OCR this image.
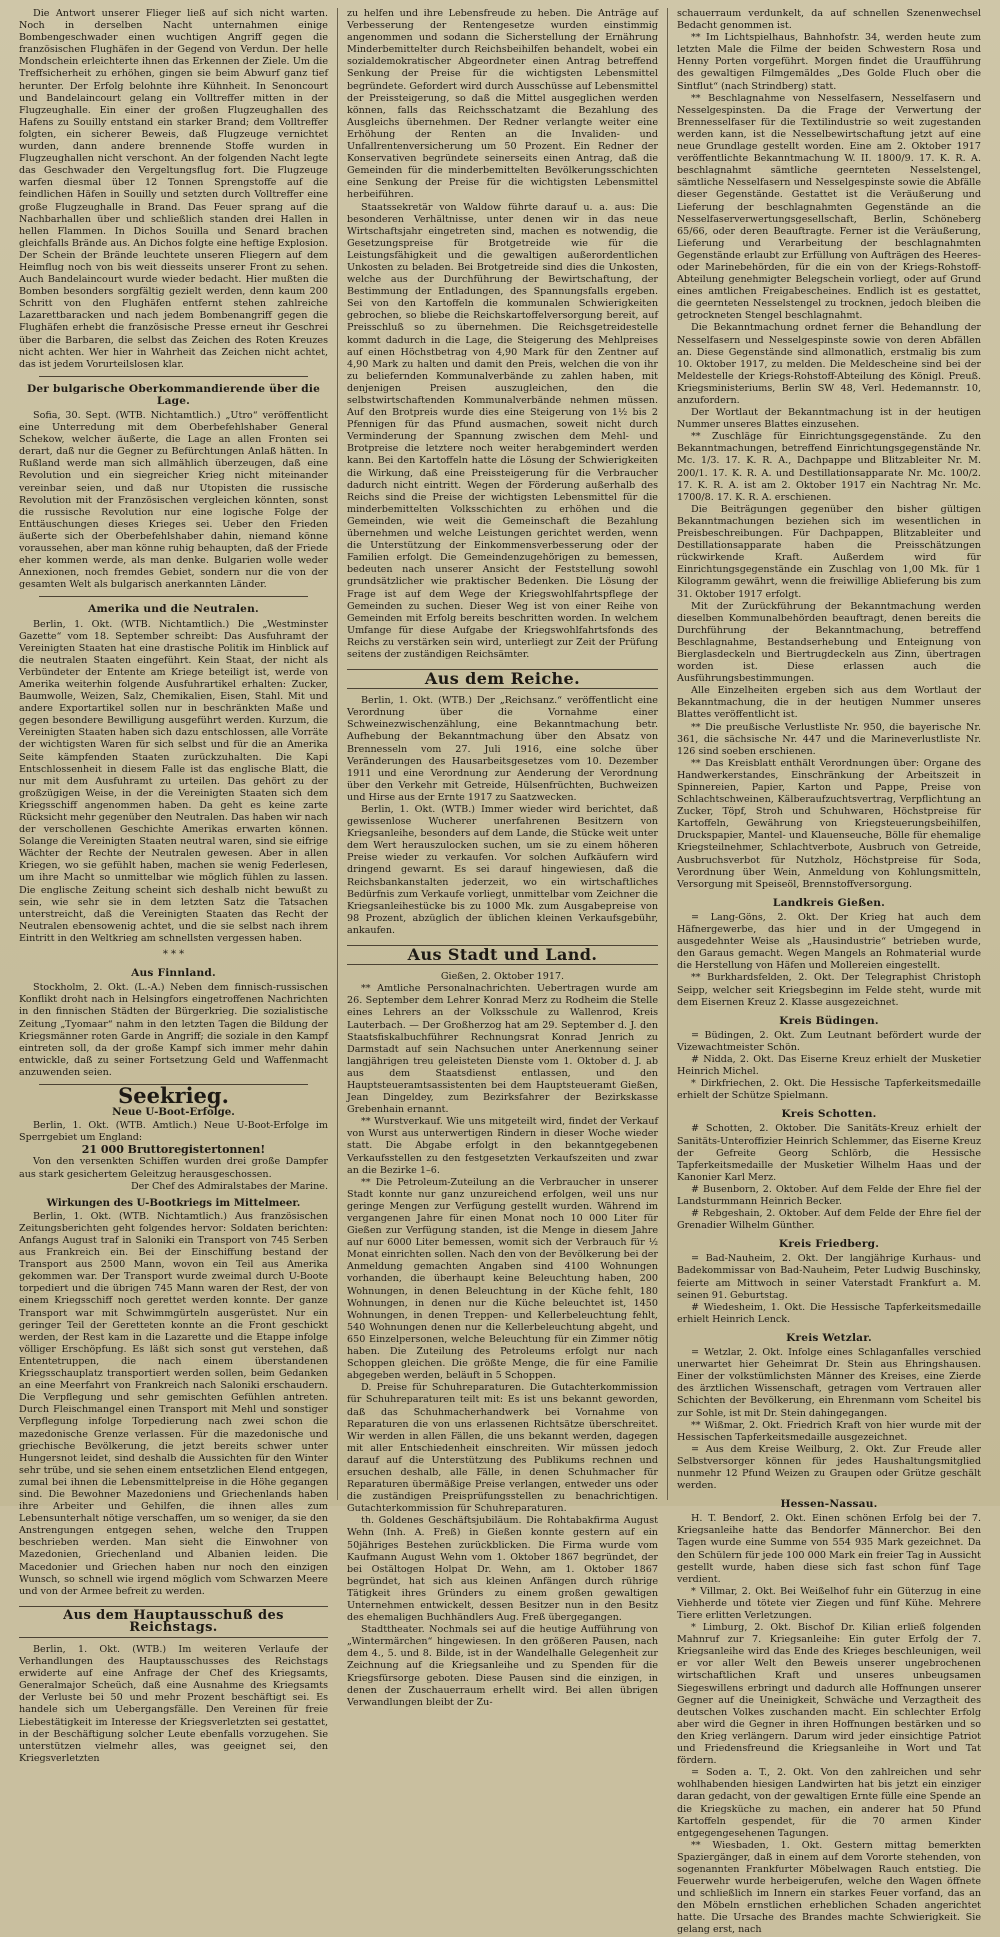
Die Antwort unserer Flieger ließ auf sich nicht warten. Noch in derselben Nacht unternahmen einige Bombengeschwader einen wuchtigen Angriff gegen die französischen Flughäfen in der Gegend von Verdun. Der helle Mondschein erleichterte ihnen das Erkennen der Ziele. Um die Treffsicherheit zu erhöhen, gingen sie beim Abwurf ganz tief herunter. Der Erfolg belohnte ihre Kühnheit. In Senoncourt und Bandelaincourt gelang ein Volltreffer mitten in der Flugzeughalle. Ein einer der großen Flugzeughallen des Hafens zu Souilly entstand ein starker Brand; dem Volltreffer folgten, ein sicherer Beweis, daß Flugzeuge vernichtet wurden, dann andere brennende Stoffe wurden in Flugzeughallen nicht verschont. An der folgenden Nacht legte das Geschwader den Vergeltungsflug fort. Die Flugzeuge warfen diesmal über 12 Tonnen Sprengstoffe auf die feindlichen Häfen in Souilly und setzten durch Volltreffer eine große Flugzeughalle in Brand. Das Feuer sprang auf die Nachbarhallen über und schließlich standen drei Hallen in hellen Flammen. In Dichos Souilla und Senard brachen gleichfalls Brände aus. An Dichos folgte eine heftige Explosion. Der Schein der Brände leuchtete unseren Fliegern auf dem Heimflug noch von bis weit diesseits unserer Front zu sehen. Auch Bandelaincourt wurde wieder bedacht. Hier mußten die Bomben besonders sorgfältig gezielt werden, denn kaum 200 Schritt von den Flughäfen entfernt stehen zahlreiche Lazarettbaracken und nach jedem Bombenangriff gegen die Flughäfen erhebt die französische Presse erneut ihr Geschrei über die Barbaren, die selbst das Zeichen des Roten Kreuzes nicht achten. Wer hier in Wahrheit das Zeichen nicht achtet, das ist jedem Vorurteilslosen klar.

Der bulgarische Oberkommandierende über die Lage.

Sofia, 30. Sept. (WTB. Nichtamtlich.) „Utro“ veröffentlicht eine Unterredung mit dem Oberbefehlshaber General Schekow, welcher äußerte, die Lage an allen Fronten sei derart, daß nur die Gegner zu Befürchtungen Anlaß hätten. In Rußland werde man sich allmählich überzeugen, daß eine Revolution und ein siegreicher Krieg nicht miteinander vereinbar seien, und daß nur Utopisten die russische Revolution mit der Französischen vergleichen könnten, sonst die russische Revolution nur eine logische Folge der Enttäuschungen dieses Krieges sei. Ueber den Frieden äußerte sich der Oberbefehlshaber dahin, niemand könne voraussehen, aber man könne ruhig behaupten, daß der Friede eher kommen werde, als man denke. Bulgarien wolle weder Annexionen, noch fremdes Gebiet, sondern nur die von der gesamten Welt als bulgarisch anerkannten Länder.

Amerika und die Neutralen.

Berlin, 1. Okt. (WTB. Nichtamtlich.) Die „Westminster Gazette“ vom 18. September schreibt: Das Ausfuhramt der Vereinigten Staaten hat eine drastische Politik im Hinblick auf die neutralen Staaten eingeführt. Kein Staat, der nicht als Verbündeter der Entente am Kriege beteiligt ist, werde von Amerika weiterhin folgende Ausfuhrartikel erhalten: Zucker, Baumwolle, Weizen, Salz, Chemikalien, Eisen, Stahl. Mit und andere Exportartikel sollen nur in beschränkten Maße und gegen besondere Bewilligung ausgeführt werden. Kurzum, die Vereinigten Staaten haben sich dazu entschlossen, alle Vorräte der wichtigsten Waren für sich selbst und für die an Amerika Seite kämpfenden Staaten zurückzuhalten. Die Kapi Entschlossenheit in diesem Falle ist das englische Blatt, die nur mit dem Ausfuhramt zu urteilen. Das gehört zu der großzügigen Weise, in der die Vereinigten Staaten sich dem Kriegsschiff angenommen haben. Da geht es keine zarte Rücksicht mehr gegenüber den Neutralen. Das haben wir nach der verschollenen Geschichte Amerikas erwarten können. Solange die Vereinigten Staaten neutral waren, sind sie eifrige Wächter der Rechte der Neutralen gewesen. Aber in allen Kriegen, wo sie gefühlt haben, machen sie wenig Federlesen, um ihre Macht so unmittelbar wie möglich fühlen zu lassen. Die englische Zeitung scheint sich deshalb nicht bewußt zu sein, wie sehr sie in dem letzten Satz die Tatsachen unterstreicht, daß die Vereinigten Staaten das Recht der Neutralen ebensowenig achtet, und die sie selbst nach ihrem Eintritt in den Weltkrieg am schnellsten vergessen haben.

* * *
Aus Finnland.

Stockholm, 2. Okt. (L.-A.) Neben dem finnisch-russischen Konflikt droht nach in Helsingfors eingetroffenen Nachrichten in den finnischen Städten der Bürgerkrieg. Die sozialistische Zeitung „Tyomaar“ nahm in den letzten Tagen die Bildung der Kriegsmänner roten Garde in Angriff; die soziale in den Kampf eintreten soll, da der große Kampf sich immer mehr dahin entwickle, daß zu seiner Fortsetzung Geld und Waffenmacht anzuwenden seien.

Seekrieg.
Neue U-Boot-Erfolge.

Berlin, 1. Okt. (WTB. Amtlich.) Neue U-Boot-Erfolge im Sperrgebiet um England:

21 000 Bruttoregistertonnen!

Von den versenkten Schiffen wurden drei große Dampfer aus stark gesichertem Geleitzug herausgeschossen.

Der Chef des Admiralstabes der Marine.

Wirkungen des U-Bootkriegs im Mittelmeer.

Berlin, 1. Okt. (WTB. Nichtamtlich.) Aus französischen Zeitungsberichten geht folgendes hervor: Soldaten berichten: Anfangs August traf in Saloniki ein Transport von 745 Serben aus Frankreich ein. Bei der Einschiffung bestand der Transport aus 2500 Mann, wovon ein Teil aus Amerika gekommen war. Der Transport wurde zweimal durch U-Boote torpediert und die übrigen 745 Mann waren der Rest, der von einem Kriegsschiff noch gerettet werden konnte. Der ganze Transport war mit Schwimmgürteln ausgerüstet. Nur ein geringer Teil der Geretteten konnte an die Front geschickt werden, der Rest kam in die Lazarette und die Etappe infolge völliger Erschöpfung. Es läßt sich sonst gut verstehen, daß Ententetruppen, die nach einem überstandenen Kriegsschauplatz transportiert werden sollen, beim Gedanken an eine Meerfahrt von Frankreich nach Saloniki erschaudern. Die Verpflegung und sehr gemischten Gefühlen antreten. Durch Fleischmangel einen Transport mit Mehl und sonstiger Verpflegung infolge Torpedierung nach zwei schon die mazedonische Grenze verlassen. Für die mazedonische und griechische Bevölkerung, die jetzt bereits schwer unter Hungersnot leidet, sind deshalb die Aussichten für den Winter sehr trübe, und sie sehen einem entsetzlichen Elend entgegen, zumal bei ihnen die Lebensmittelpreise in die Höhe gegangen sind. Die Bewohner Mazedoniens und Griechenlands haben ihre Arbeiter und Gehilfen, die ihnen alles zum Lebensunterhalt nötige verschaffen, um so weniger, da sie den Anstrengungen entgegen sehen, welche den Truppen beschrieben werden. Man sieht die Einwohner von Mazedonien, Griechenland und Albanien leiden. Die Macedonier und Griechen haben nur noch den einzigen Wunsch, so schnell wie irgend möglich vom Schwarzen Meere und von der Armee befreit zu werden.

Aus dem Hauptausschuß des Reichstags.

Berlin, 1. Okt. (WTB.) Im weiteren Verlaufe der Verhandlungen des Hauptausschusses des Reichstags erwiderte auf eine Anfrage der Chef des Kriegsamts, Generalmajor Scheüch, daß eine Ausnahme des Kriegsamts der Verluste bei 50 und mehr Prozent beschäftigt sei. Es handele sich um Uebergangsfälle. Den Vereinen für freie Liebestätigkeit im Interesse der Kriegsverletzten sei gestattet, in der Beschäftigung solcher Leute ebenfalls vorzugehen. Sie unterstützen vielmehr alles, was geeignet sei, den Kriegsverletzten

zu helfen und ihre Lebensfreude zu heben. Die Anträge auf Verbesserung der Rentengesetze wurden einstimmig angenommen und sodann die Sicherstellung der Ernährung Minderbemittelter durch Reichsbeihilfen behandelt, wobei ein sozialdemokratischer Abgeordneter einen Antrag betreffend Senkung der Preise für die wichtigsten Lebensmittel begründete. Gefordert wird durch Ausschüsse auf Lebensmittel der Preissteigerung, so daß die Mittel ausgeglichen werden können, falls das Reichsschatzamt die Bezahlung des Ausgleichs übernehmen. Der Redner verlangte weiter eine Erhöhung der Renten an die Invaliden- und Unfallrentenversicherung um 50 Prozent. Ein Redner der Konservativen begründete seinerseits einen Antrag, daß die Gemeinden für die minderbemittelten Bevölkerungsschichten eine Senkung der Preise für die wichtigsten Lebensmittel herbeiführen.

Staatssekretär von Waldow führte darauf u. a. aus: Die besonderen Verhältnisse, unter denen wir in das neue Wirtschaftsjahr eingetreten sind, machen es notwendig, die Gesetzungspreise für Brotgetreide wie für die Leistungsfähigkeit und die gewaltigen außerordentlichen Unkosten zu beladen. Bei Brotgetreide sind dies die Unkosten, welche aus der Durchführung der Bewirtschaftung, der Bestimmung der Entladungen, des Spannungsfalls ergeben. Sei von den Kartoffeln die kommunalen Schwierigkeiten gebrochen, so bliebe die Reichskartoffelversorgung bereit, auf Preisschluß so zu übernehmen. Die Reichsgetreidestelle kommt dadurch in die Lage, die Steigerung des Mehlpreises auf einen Höchstbetrag von 4,90 Mark für den Zentner auf 4,90 Mark zu halten und damit den Preis, welchen die von ihr zu beliefernden Kommunalverbände zu zahlen haben, mit denjenigen Preisen auszugleichen, den die selbstwirtschaftenden Kommunalverbände nehmen müssen. Auf den Brotpreis wurde dies eine Steigerung von 1½ bis 2 Pfennigen für das Pfund ausmachen, soweit nicht durch Verminderung der Spannung zwischen dem Mehl- und Brotpreise die letztere noch weiter herabgemindert werden kann. Bei den Kartoffeln hatte die Lösung der Schwierigkeiten die Wirkung, daß eine Preissteigerung für die Verbraucher dadurch nicht eintritt. Wegen der Förderung außerhalb des Reichs sind die Preise der wichtigsten Lebensmittel für die minderbemittelten Volksschichten zu erhöhen und die Gemeinden, wie weit die Gemeinschaft die Bezahlung übernehmen und welche Leistungen gerichtet werden, wenn die Unterstützung der Einkommensverbesserung oder der Familien erfolgt. Die Gemeindenzugehörigen zu bemessen, bedeuten nach unserer Ansicht der Feststellung sowohl grundsätzlicher wie praktischer Bedenken. Die Lösung der Frage ist auf dem Wege der Kriegswohlfahrtspflege der Gemeinden zu suchen. Dieser Weg ist von einer Reihe von Gemeinden mit Erfolg bereits beschritten worden. In welchem Umfange für diese Aufgabe der Kriegswohlfahrtsfonds des Reichs zu verstärken sein wird, unterliegt zur Zeit der Prüfung seitens der zuständigen Reichsämter.

Aus dem Reiche.

Berlin, 1. Okt. (WTB.) Der „Reichsanz.“ veröffentlicht eine Verordnung über die Vornahme einer Schweinezwischenzählung, eine Bekanntmachung betr. Aufhebung der Bekanntmachung über den Absatz von Brennesseln vom 27. Juli 1916, eine solche über Veränderungen des Hausarbeitsgesetzes vom 10. Dezember 1911 und eine Verordnung zur Aenderung der Verordnung über den Verkehr mit Getreide, Hülsenfrüchten, Buchweizen und Hirse aus der Ernte 1917 zu Saatzwecken.

Berlin, 1. Okt. (WTB.) Immer wieder wird berichtet, daß gewissenlose Wucherer unerfahrenen Besitzern von Kriegsanleihe, besonders auf dem Lande, die Stücke weit unter dem Wert herauszulocken suchen, um sie zu einem höheren Preise wieder zu verkaufen. Vor solchen Aufkäufern wird dringend gewarnt. Es sei darauf hingewiesen, daß die Reichsbankanstalten jederzeit, wo ein wirtschaftliches Bedürfnis zum Verkaufe vorliegt, unmittelbar vom Zeichner die Kriegsanleihestücke bis zu 1000 Mk. zum Ausgabepreise von 98 Prozent, abzüglich der üblichen kleinen Verkaufsgebühr, ankaufen.

Aus Stadt und Land.

Gießen, 2. Oktober 1917.

** Amtliche Personalnachrichten. Uebertragen wurde am 26. September dem Lehrer Konrad Merz zu Rodheim die Stelle eines Lehrers an der Volksschule zu Wallenrod, Kreis Lauterbach. — Der Großherzog hat am 29. September d. J. den Staatsfiskalbuchführer Rechnungsrat Konrad Jenrich zu Darmstadt auf sein Nachsuchen unter Anerkennung seiner langjährigen treu geleisteten Dienste vom 1. Oktober d. J. ab aus dem Staatsdienst entlassen, und den Hauptsteueramtsassistenten bei dem Hauptsteueramt Gießen, Jean Dingeldey, zum Bezirksfahrer der Bezirkskasse Grebenhain ernannt.

** Wurstverkauf. Wie uns mitgeteilt wird, findet der Verkauf von Wurst aus unterwertigen Rindern in dieser Woche wieder statt. Die Abgabe erfolgt in den bekanntgegebenen Verkaufsstellen zu den festgesetzten Verkaufszeiten und zwar an die Bezirke 1–6.

** Die Petroleum-Zuteilung an die Verbraucher in unserer Stadt konnte nur ganz unzureichend erfolgen, weil uns nur geringe Mengen zur Verfügung gestellt wurden. Während im vergangenen Jahre für einen Monat noch 10 000 Liter für Gießen zur Verfügung standen, ist die Menge in diesem Jahre auf nur 6000 Liter bemessen, womit sich der Verbrauch für ½ Monat einrichten sollen. Nach den von der Bevölkerung bei der Anmeldung gemachten Angaben sind 4100 Wohnungen vorhanden, die überhaupt keine Beleuchtung haben, 200 Wohnungen, in denen Beleuchtung in der Küche fehlt, 180 Wohnungen, in denen nur die Küche beleuchtet ist, 1450 Wohnungen, in denen Treppen- und Kellerbeleuchtung fehlt, 540 Wohnungen denen nur die Kellerbeleuchtung abgeht, und 650 Einzelpersonen, welche Beleuchtung für ein Zimmer nötig haben. Die Zuteilung des Petroleums erfolgt nur nach Schoppen gleichen. Die größte Menge, die für eine Familie abgegeben werden, beläuft in 5 Schoppen.

D. Preise für Schuhreparaturen. Die Gutachterkommission für Schuhreparaturen teilt mit: Es ist uns bekannt geworden, daß das Schuhmacherhandwerk bei Vornahme von Reparaturen die von uns erlassenen Richtsätze überschreitet. Wir werden in allen Fällen, die uns bekannt werden, dagegen mit aller Entschiedenheit einschreiten. Wir müssen jedoch darauf auf die Unterstützung des Publikums rechnen und ersuchen deshalb, alle Fälle, in denen Schuhmacher für Reparaturen übermäßige Preise verlangen, entweder uns oder die zuständigen Preisprüfungsstellen zu benachrichtigen. Gutachterkommission für Schuhreparaturen.

th. Goldenes Geschäftsjubiläum. Die Rohtabakfirma August Wehn (Inh. A. Freß) in Gießen konnte gestern auf ein 50jähriges Bestehen zurückblicken. Die Firma wurde vom Kaufmann August Wehn vom 1. Oktober 1867 begründet, der bei Ostältogen Holpat Dr. Wehn, am 1. Oktober 1867 begründet, hat sich aus kleinen Anfängen durch rührige Tätigkeit ihres Gründers zu einem großen gewaltigen Unternehmen entwickelt, dessen Besitzer nun in den Besitz des ehemaligen Buchhändlers Aug. Freß übergegangen.

Stadttheater. Nochmals sei auf die heutige Aufführung von „Wintermärchen“ hingewiesen. In den größeren Pausen, nach dem 4., 5. und 8. Bilde, ist in der Wandelhalle Gelegenheit zur Zeichnung auf die Kriegsanleihe und zu Spenden für die Kriegsfürsorge geboten. Diese Pausen sind die einzigen, in denen der Zuschauerraum erhellt wird. Bei allen übrigen Verwandlungen bleibt der Zu-

schauerraum verdunkelt, da auf schnellen Szenenwechsel Bedacht genommen ist.

** Im Lichtspielhaus, Bahnhofstr. 34, werden heute zum letzten Male die Filme der beiden Schwestern Rosa und Henny Porten vorgeführt. Morgen findet die Uraufführung des gewaltigen Filmgemäldes „Des Golde Fluch ober die Sintflut“ (nach Strindberg) statt.

** Beschlagnahme von Nesselfasern, Nesselfasern und Nesselgespinsten. Da die Frage der Verwertung der Brennesselfaser für die Textilindustrie so weit zugestanden werden kann, ist die Nesselbewirtschaftung jetzt auf eine neue Grundlage gestellt worden. Eine am 2. Oktober 1917 veröffentlichte Bekanntmachung W. II. 1800/9. 17. K. R. A. beschlagnahmt sämtliche geernteten Nesselstengel, sämtliche Nesselfasern und Nesselgespinste sowie die Abfälle dieser Gegenstände. Gestattet ist die Veräußerung und Lieferung der beschlagnahmten Gegenstände an die Nesselfaserverwertungsgesellschaft, Berlin, Schöneberg 65/66, oder deren Beauftragte. Ferner ist die Veräußerung, Lieferung und Verarbeitung der beschlagnahmten Gegenstände erlaubt zur Erfüllung von Aufträgen des Heeres- oder Marinebehörden, für die ein von der Kriegs-Rohstoff-Abteilung genehmigter Belegschein vorliegt, oder auf Grund eines amtlichen Freigabescheines. Endlich ist es gestattet, die geernteten Nesselstengel zu trocknen, jedoch bleiben die getrockneten Stengel beschlagnahmt.

Die Bekanntmachung ordnet ferner die Behandlung der Nesselfasern und Nesselgespinste sowie von deren Abfällen an. Diese Gegenstände sind allmonatlich, erstmalig bis zum 10. Oktober 1917, zu melden. Die Meldescheine sind bei der Meldestelle der Kriegs-Rohstoff-Abteilung des Königl. Preuß. Kriegsministeriums, Berlin SW 48, Verl. Hedemannstr. 10, anzufordern.

Der Wortlaut der Bekanntmachung ist in der heutigen Nummer unseres Blattes einzusehen.

** Zuschläge für Einrichtungsgegenstände. Zu den Bekanntmachungen, betreffend Einrichtungsgegenstände Nr. Mc. 1/3. 17. K. R. A., Dachpappe und Blitzableiter Nr. M. 200/1. 17. K. R. A. und Destillationsapparate Nr. Mc. 100/2. 17. K. R. A. ist am 2. Oktober 1917 ein Nachtrag Nr. Mc. 1700/8. 17. K. R. A. erschienen.

Die Beiträgungen gegenüber den bisher gültigen Bekanntmachungen beziehen sich im wesentlichen in Preisbeschreibungen. Für Dachpappen, Blitzableiter und Destillationsapparate haben die Preisschätzungen rückwirkende Kraft. Außerdem wird für Einrichtungsgegenstände ein Zuschlag von 1,00 Mk. für 1 Kilogramm gewährt, wenn die freiwillige Ablieferung bis zum 31. Oktober 1917 erfolgt.

Mit der Zurückführung der Bekanntmachung werden dieselben Kommunalbehörden beauftragt, denen bereits die Durchführung der Bekanntmachung, betreffend Beschlagnahme, Bestandserhebung und Enteignung von Bierglasdeckeln und Biertrugdeckeln aus Zinn, übertragen worden ist. Diese erlassen auch die Ausführungsbestimmungen.

Alle Einzelheiten ergeben sich aus dem Wortlaut der Bekanntmachung, die in der heutigen Nummer unseres Blattes veröffentlicht ist.

** Die preußische Verlustliste Nr. 950, die bayerische Nr. 361, die sächsische Nr. 447 und die Marineverlustliste Nr. 126 sind soeben erschienen.

** Das Kreisblatt enthält Verordnungen über: Organe des Handwerkerstandes, Einschränkung der Arbeitszeit in Spinnereien, Papier, Karton und Pappe, Preise von Schlachtschweinen, Kälberaufzuchtsvertrag, Verpflichtung an Zucker, Töpf, Stroh und Schuhwaren, Höchstpreise für Kartoffeln, Gewährung von Kriegsteuerungsbeihilfen, Druckspapier, Mantel- und Klauenseuche, Bölle für ehemalige Kriegsteilnehmer, Schlachtverbote, Ausbruch von Getreide, Ausbruchsverbot für Nutzholz, Höchstpreise für Soda, Verordnung über Wein, Anmeldung von Kohlungsmitteln, Versorgung mit Speiseöl, Brennstoffversorgung.

Landkreis Gießen.

= Lang-Göns, 2. Okt. Der Krieg hat auch dem Häfnergewerbe, das hier und in der Umgegend in ausgedehnter Weise als „Hausindustrie“ betrieben wurde, den Garaus gemacht. Wegen Mangels an Rohmaterial wurde die Herstellung von Häfen und Mollereien eingestellt.

** Burkhardsfelden, 2. Okt. Der Telegraphist Christoph Seipp, welcher seit Kriegsbeginn im Felde steht, wurde mit dem Eisernen Kreuz 2. Klasse ausgezeichnet.

Kreis Büdingen.

= Büdingen, 2. Okt. Zum Leutnant befördert wurde der Vizewachtmeister Schön.

# Nidda, 2. Okt. Das Eiserne Kreuz erhielt der Musketier Heinrich Michel.

* Dirkfriechen, 2. Okt. Die Hessische Tapferkeitsmedaille erhielt der Schütze Spielmann.

Kreis Schotten.

# Schotten, 2. Oktober. Die Sanitäts-Kreuz erhielt der Sanitäts-Unteroffizier Heinrich Schlemmer, das Eiserne Kreuz der Gefreite Georg Schlörb, die Hessische Tapferkeitsmedaille der Musketier Wilhelm Haas und der Kanonier Karl Merz.

# Busenborn, 2. Oktober. Auf dem Felde der Ehre fiel der Landsturmmann Heinrich Becker.

# Rebgeshain, 2. Oktober. Auf dem Felde der Ehre fiel der Grenadier Wilhelm Günther.

Kreis Friedberg.

= Bad-Nauheim, 2. Okt. Der langjährige Kurhaus- und Badekommissar von Bad-Nauheim, Peter Ludwig Buschinsky, feierte am Mittwoch in seiner Vaterstadt Frankfurt a. M. seinen 91. Geburtstag.

# Wiedesheim, 1. Okt. Die Hessische Tapferkeitsmedaille erhielt Heinrich Lenck.

Kreis Wetzlar.

= Wetzlar, 2. Okt. Infolge eines Schlaganfalles verschied unerwartet hier Geheimrat Dr. Stein aus Ehringshausen. Einer der volkstümlichsten Männer des Kreises, eine Zierde des ärztlichen Wissenschaft, getragen vom Vertrauen aller Schichten der Bevölkerung, ein Ehrenmann vom Scheitel bis zur Sohle, ist mit Dr. Stein dahingegangen.

** Wißmar, 2. Okt. Friedrich Kraft von hier wurde mit der Hessischen Tapferkeitsmedaille ausgezeichnet.

= Aus dem Kreise Weilburg, 2. Okt. Zur Freude aller Selbstversorger können für jedes Haushaltungsmitglied nunmehr 12 Pfund Weizen zu Graupen oder Grütze geschält werden.

Hessen-Nassau.

H. T. Bendorf, 2. Okt. Einen schönen Erfolg bei der 7. Kriegsanleihe hatte das Bendorfer Männerchor. Bei den Tagen wurde eine Summe von 554 935 Mark gezeichnet. Da den Schülern für jede 100 000 Mark ein freier Tag in Aussicht gestellt wurde, haben diese sich fast schon fünf Tage verdient.

* Villmar, 2. Okt. Bei Weißelhof fuhr ein Güterzug in eine Viehherde und tötete vier Ziegen und fünf Kühe. Mehrere Tiere erlitten Verletzungen.

* Limburg, 2. Okt. Bischof Dr. Kilian erließ folgenden Mahnruf zur 7. Kriegsanleihe: Ein guter Erfolg der 7. Kriegsanleihe wird das Ende des Krieges beschleunigen, weil er vor aller Welt den Beweis unserer ungebrochenen wirtschaftlichen Kraft und unseres unbeugsamen Siegeswillens erbringt und dadurch alle Hoffnungen unserer Gegner auf die Uneinigkeit, Schwäche und Verzagtheit des deutschen Volkes zuschanden macht. Ein schlechter Erfolg aber wird die Gegner in ihren Hoffnungen bestärken und so den Krieg verlängern. Darum wird jeder einsichtige Patriot und Friedensfreund die Kriegsanleihe in Wort und Tat fördern.

= Soden a. T., 2. Okt. Von den zahlreichen und sehr wohlhabenden hiesigen Landwirten hat bis jetzt ein einziger daran gedacht, von der gewaltigen Ernte fülle eine Spende an die Kriegsküche zu machen, ein anderer hat 50 Pfund Kartoffeln gespendet, für die 70 armen Kinder entgegengesehenen Tagungen.

** Wiesbaden, 1. Okt. Gestern mittag bemerkten Spaziergänger, daß in einem auf dem Vororte stehenden, von sogenannten Frankfurter Möbelwagen Rauch entstieg. Die Feuerwehr wurde herbeigerufen, welche den Wagen öffnete und schließlich im Innern ein starkes Feuer vorfand, das an den Möbeln ernstlichen erheblichen Schaden angerichtet hatte. Die Ursache des Brandes machte Schwierigkeit. Sie gelang erst, nach
